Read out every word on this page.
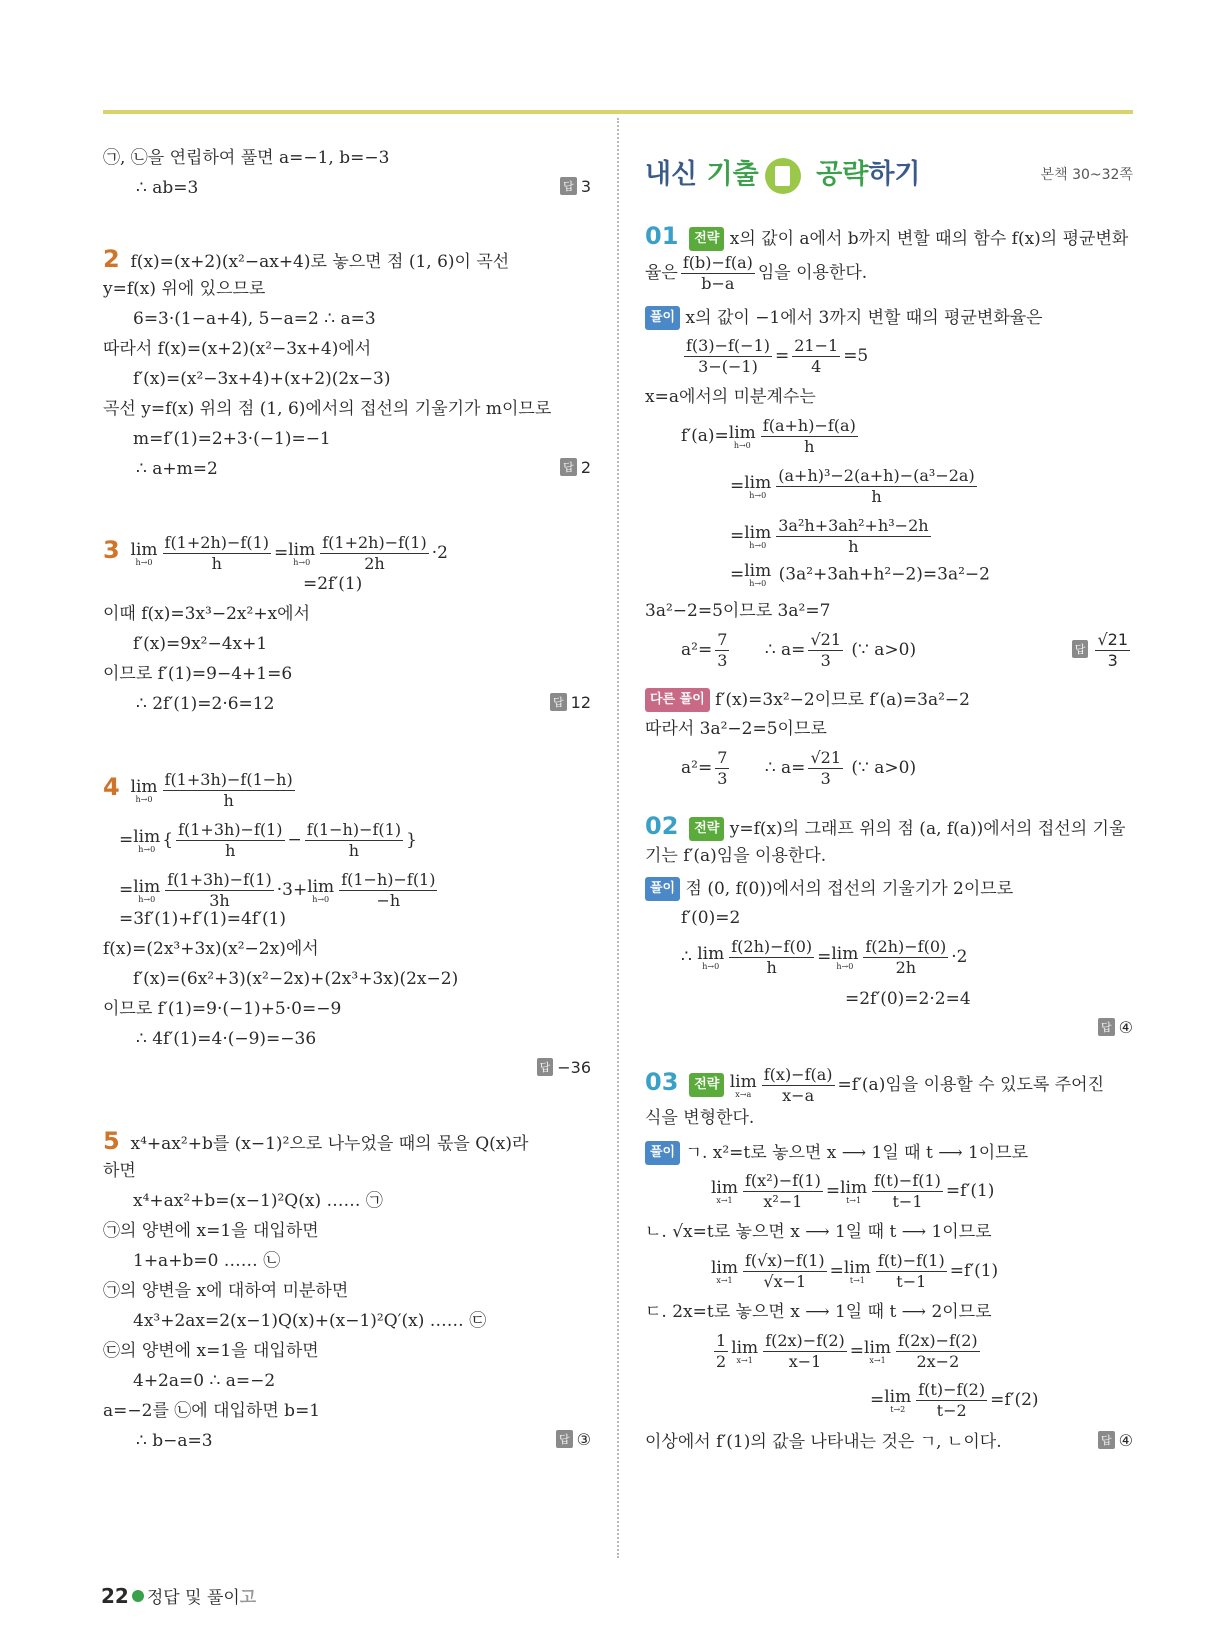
㉠, ㉡을 연립하여 풀면 a=−1, b=−3
∴ ab=3	답 3
2 f(x)=(x+2)(x²−ax+4)로 놓으면 점 (1, 6)이 곡선
y=f(x) 위에 있으므로
6=3·(1−a+4), 5−a=2 ∴ a=3
따라서 f(x)=(x+2)(x²−3x+4)에서
f′(x)=(x²−3x+4)+(x+2)(2x−3)
곡선 y=f(x) 위의 점 (1, 6)에서의 접선의 기울기가 m이므로
m=f′(1)=2+3·(−1)=−1
∴ a+m=2	답 2
3 lim
$h\to 0 \frac{f(1+2h)-f(1)}{h} = \lim$
$h\to 0 \frac{f(1+2h)-f(1)}{2h} \cdot 2$
=2f′(1)
이때 f(x)=3x³−2x²+x에서
f′(x)=9x²−4x+1
이므로 f′(1)=9−4+1=6
∴ 2f′(1)=2·6=12	답 12
4 lim
$h\to 0 \frac{f(1+3h)-f(1-h)}{h}$
= lim
h→0 { $\frac{f(1+3h)-f(1)}{h} - \frac{f(1-h)-f(1)}{h}$ }
= lim
$h\to 0 \frac{f(1+3h)-f(1)}{3h} \cdot 3+ \lim$
$h\to 0 \frac{f(1-h)-f(1)}{-h}$
=3f′(1)+f′(1)=4f′(1)
f(x)=(2x³+3x)(x²−2x)에서
f′(x)=(6x²+3)(x²−2x)+(2x³+3x)(2x−2)
이므로 f′(1)=9·(−1)+5·0=−9
∴ 4f′(1)=4·(−9)=−36
답 −36
5 x⁴+ax²+b를 (x−1)²으로 나누었을 때의 몫을 Q(x)라
하면
x⁴+ax²+b=(x−1)²Q(x) …… ㉠
㉠의 양변에 x=1을 대입하면
1+a+b=0 …… ㉡
㉠의 양변을 x에 대하여 미분하면
4x³+2ax=2(x−1)Q(x)+(x−1)²Q′(x) …… ㉢
㉢의 양변에 x=1을 대입하면
4+2a=0 ∴ a=−2
a=−2를 ㉡에 대입하면 b=1
∴ b−a=3	답 ③
내신 기출 공략하기	본책 30~32쪽
01 전략 x의 값이 a에서 b까지 변할 때의 함수 f(x)의 평균변화
율은 $\frac{f(b)-f(a)}{b-a}$ 임을 이용한다.
풀이 x의 값이 −1에서 3까지 변할 때의 평균변화율은
$\frac{f(3)-f(-1)}{3-(-1)} = \frac{21-1}{4} =5$
x=a에서의 미분계수는
f′(a)= lim
$h\to 0 \frac{f(a+h)-f(a)}{h}$
= lim
$h\to 0 \frac{\text{(a+h)³−2(a+h)−(a³−2a)}}{h}$
= lim
$h\to 0 \frac{\text{3a²h+3ah²+h³−2h}}{h}$
= lim
h→0 (3a²+3ah+h²−2)=3a²−2
3a²−2=5이므로 3a²=7
$a^2= \frac{7}{3}$ ∴ $a= \frac{√21}{3}$ (∵ a>0)	답 $\frac{√21}{3}$
다른 풀이 f′(x)=3x²−2이므로 f′(a)=3a²−2
따라서 3a²−2=5이므로
$a^2= \frac{7}{3}$ ∴ $a= \frac{√21}{3}$ (∵ a>0)
02 전략 y=f(x)의 그래프 위의 점 (a, f(a))에서의 접선의 기울
기는 f′(a)임을 이용한다.
풀이 점 (0, f(0))에서의 접선의 기울기가 2이므로
f′(0)=2
∴ lim
$h\to 0 \frac{f(2h)-f(0)}{h} = \lim$
$h\to 0 \frac{f(2h)-f(0)}{2h} \cdot 2$
=2f′(0)=2·2=4
답 ④
03 전략 lim
$x\to a \frac{f(x)-f(a)}{x-a} =f'(a)$임을 이용할 수 있도록 주어진
식을 변형한다.
풀이 ㄱ. x²=t로 놓으면 x ⟶ 1일 때 t ⟶ 1이므로
lim
$x\to 1 \frac{\text{f(x²)−f(1)}}{\text{x²−1}} = \lim$
$t\to 1 \frac{f(t)-f(1)}{t-1} =f'(1)$
ㄴ. √x=t로 놓으면 x ⟶ 1일 때 t ⟶ 1이므로
lim
$x\to 1 \frac{f(√x)-f(1)}{√x-1} = \lim$
$t\to 1 \frac{f(t)-f(1)}{t-1} =f'(1)$
ㄷ. 2x=t로 놓으면 x ⟶ 1일 때 t ⟶ 2이므로
$\frac{1}{2}$ lim
$x\to 1 \frac{f(2x)-f(2)}{x-1} = \lim$
$x\to 1 \frac{f(2x)-f(2)}{2x-2}$
= lim
$t\to 2 \frac{f(t)-f(2)}{t-2} =f'(2)$
이상에서 f′(1)의 값을 나타내는 것은 ㄱ, ㄴ이다.	답 ④
22 정답 및 풀이고
